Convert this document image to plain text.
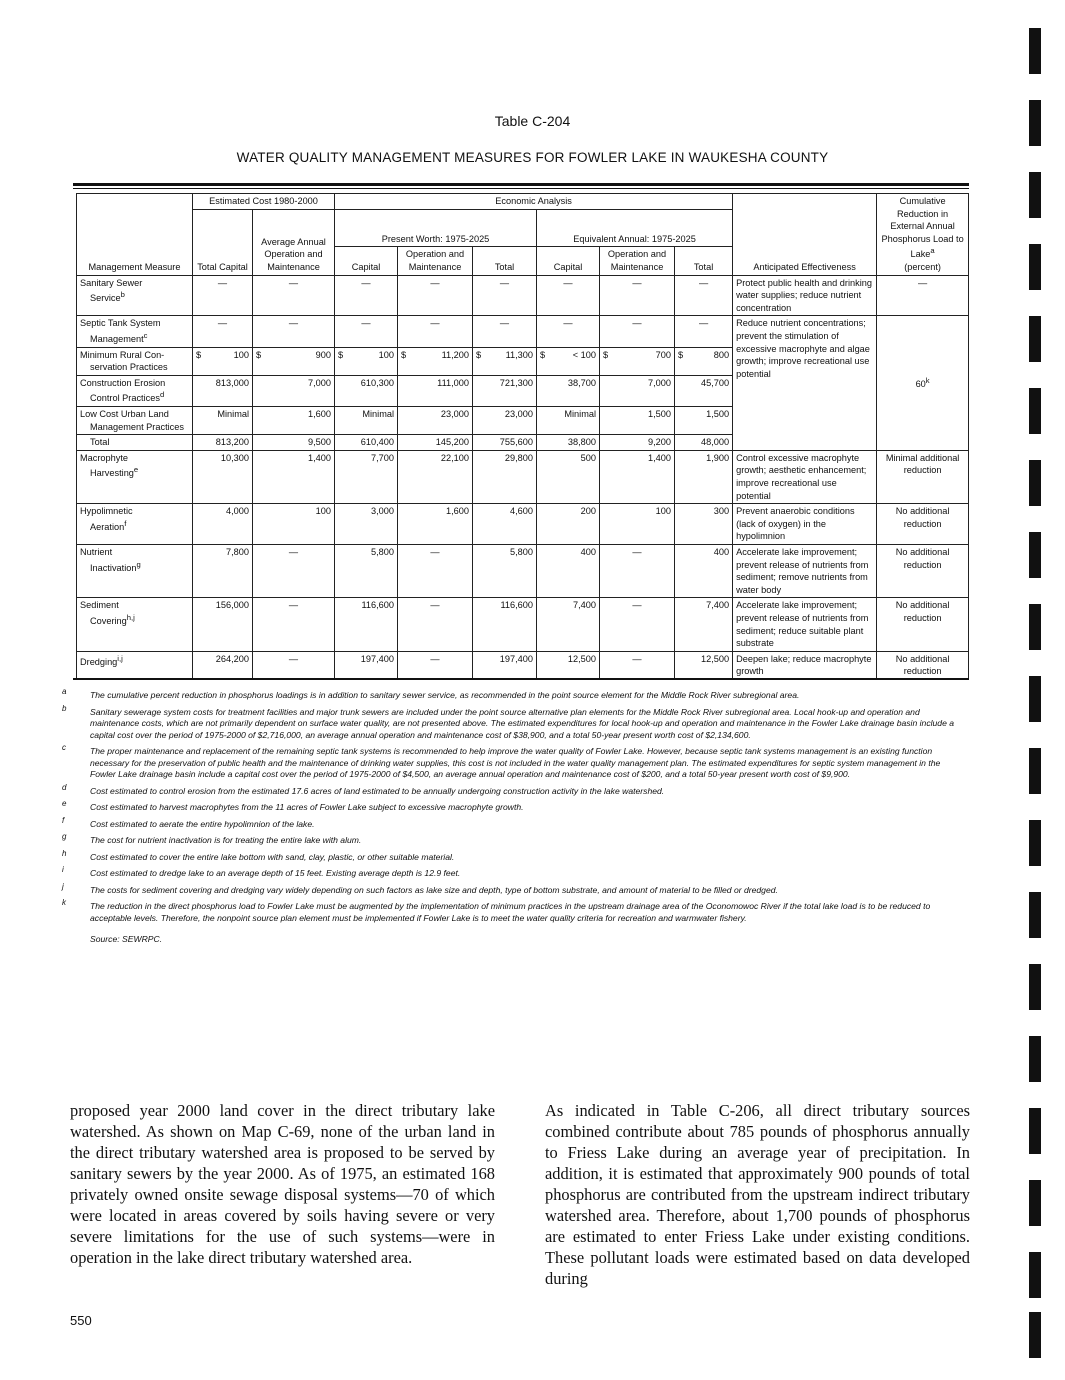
Table C-204
WATER QUALITY MANAGEMENT MEASURES FOR FOWLER LAKE IN WAUKESHA COUNTY
Management Measure	Estimated Cost 1980-2000		Economic Analysis						Anticipated Effectiveness	Cumulative Reduction in External Annual Phosphorus Load to Lake$^a$
(percent)
	Total Capital	Average Annual Operation and Maintenance	Present Worth: 1975-2025			Equivalent Annual: 1975-2025				
			Capital	Operation and Maintenance	Total	Capital	Operation and Maintenance	Total		
Sanitary Sewer
Service$^b$	—	—	—	—	—	—	—	—	Protect public health and drinking water supplies; reduce nutrient concentration	—
Septic Tank System
Management$^c$	—	—	—	—	—	—	—	—	Reduce nutrient concentrations; prevent the stimulation of excessive macrophyte and algae growth; improve recreational use potential	60$^k$
Minimum Rural Con-
servation Practices	$ 100	$ 900	$ 100	$ 11,200	$ 11,300	$ < 100	$ 700	$ 800		
Construction Erosion
Control Practices$^d$	813,000	7,000	610,300	111,000	721,300	38,700	7,000	45,700		
Low Cost Urban Land
Management Practices	Minimal	1,600	Minimal	23,000	23,000	Minimal	1,500	1,500		

Total	813,200	9,500	610,400	145,200	755,600	38,800	9,200	48,000		
Macrophyte
Harvesting$^e$	10,300	1,400	7,700	22,100	29,800	500	1,400	1,900	Control excessive macrophyte growth; aesthetic enhancement; improve recreational use potential	Minimal additional reduction
Hypolimnetic
Aeration$^f$	4,000	100	3,000	1,600	4,600	200	100	300	Prevent anaerobic conditions (lack of oxygen) in the hypolimnion	No additional reduction
Nutrient
Inactivation$^g$	7,800	—	5,800	—	5,800	400	—	400	Accelerate lake improvement; prevent release of nutrients from sediment; remove nutrients from water body	No additional reduction
Sediment
Covering$^{h,j}$	156,000	—	116,600	—	116,600	7,400	—	7,400	Accelerate lake improvement; prevent release of nutrients from sediment; reduce suitable plant substrate	No additional reduction
Dredging$^{i,j}$	264,200	—	197,400	—	197,400	12,500	—	12,500	Deepen lake; reduce macrophyte growth	No additional reduction
a	The cumulative percent reduction in phosphorus loadings is in addition to sanitary sewer service, as recommended in the point source element for the Middle Rock River subregional area.
b	Sanitary sewerage system costs for treatment facilities and major trunk sewers are included under the point source alternative plan elements for the Middle Rock River subregional area. Local hook-up and operation and maintenance costs, which are not primarily dependent on surface water quality, are not presented above. The estimated expenditures for local hook-up and operation and maintenance in the Fowler Lake drainage basin include a capital cost over the period of 1975-2000 of $2,716,000, an average annual operation and maintenance cost of $38,900, and a total 50-year present worth cost of $2,134,600.
c	The proper maintenance and replacement of the remaining septic tank systems is recommended to help improve the water quality of Fowler Lake. However, because septic tank systems management is an existing function necessary for the preservation of public health and the maintenance of drinking water supplies, this cost is not included in the water quality management plan. The estimated expenditures for septic system management in the Fowler Lake drainage basin include a capital cost over the period of 1975-2000 of $4,500, an average annual operation and maintenance cost of $200, and a total 50-year present worth cost of $9,900.
d	Cost estimated to control erosion from the estimated 17.6 acres of land estimated to be annually undergoing construction activity in the lake watershed.
e	Cost estimated to harvest macrophytes from the 11 acres of Fowler Lake subject to excessive macrophyte growth.
f	Cost estimated to aerate the entire hypolimnion of the lake.
g	The cost for nutrient inactivation is for treating the entire lake with alum.
h	Cost estimated to cover the entire lake bottom with sand, clay, plastic, or other suitable material.
i	Cost estimated to dredge lake to an average depth of 15 feet. Existing average depth is 12.9 feet.
j	The costs for sediment covering and dredging vary widely depending on such factors as lake size and depth, type of bottom substrate, and amount of material to be filled or dredged.
k	The reduction in the direct phosphorus load to Fowler Lake must be augmented by the implementation of minimum practices in the upstream drainage area of the Oconomowoc River if the total lake load is to be reduced to acceptable levels. Therefore, the nonpoint source plan element must be implemented if Fowler Lake is to meet the water quality criteria for recreation and warmwater fishery.
Source: SEWRPC.
proposed year 2000 land cover in the direct tributary lake watershed. As shown on Map C-69, none of the urban land in the direct tributary watershed area is proposed to be served by sanitary sewers by the year 2000. As of 1975, an estimated 168 privately owned onsite sewage disposal systems—70 of which were located in areas covered by soils having severe or very severe limitations for the use of such systems—were in operation in the lake direct tributary watershed area.
As indicated in Table C-206, all direct tributary sources combined contribute about 785 pounds of phosphorus annually to Friess Lake during an average year of precipitation. In addition, it is estimated that approximately 900 pounds of total phosphorus are contributed from the upstream indirect tributary watershed area. Therefore, about 1,700 pounds of phosphorus are estimated to enter Friess Lake under existing conditions. These pollutant loads were estimated based on data developed during
550
